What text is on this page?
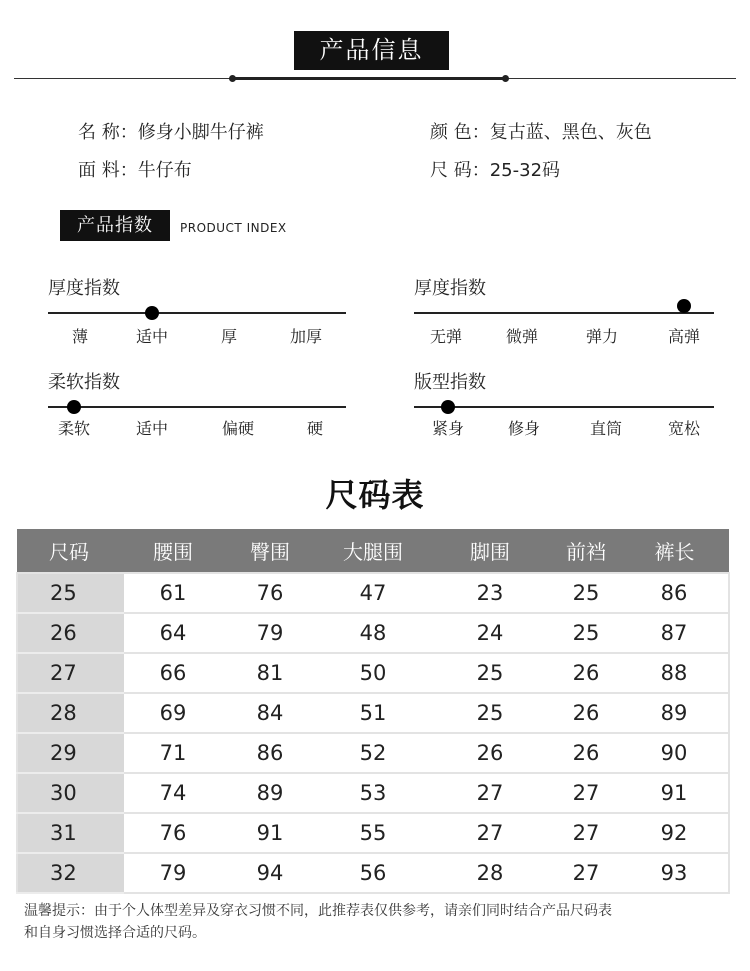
产品信息
名 称：修身小脚牛仔裤	颜 色：复古蓝、黑色、灰色
面 料：牛仔布	尺 码：25-32码
产品指数	PRODUCT INDEX
厚度指数
薄	适中	厚	加厚
厚度指数
无弹	微弹	弹力	高弹
柔软指数
柔软	适中	偏硬	硬
版型指数
紧身	修身	直筒	宽松
尺码表
尺码	腰围	臀围	大腿围	脚围	前裆	裤长
25	61	76	47	23	25	86
26	64	79	48	24	25	87
27	66	81	50	25	26	88
28	69	84	51	25	26	89
29	71	86	52	26	26	90
30	74	89	53	27	27	91
31	76	91	55	27	27	92
32	79	94	56	28	27	93
温馨提示：由于个人体型差异及穿衣习惯不同，此推荐表仅供参考，请亲们同时结合产品尺码表
和自身习惯选择合适的尺码。
